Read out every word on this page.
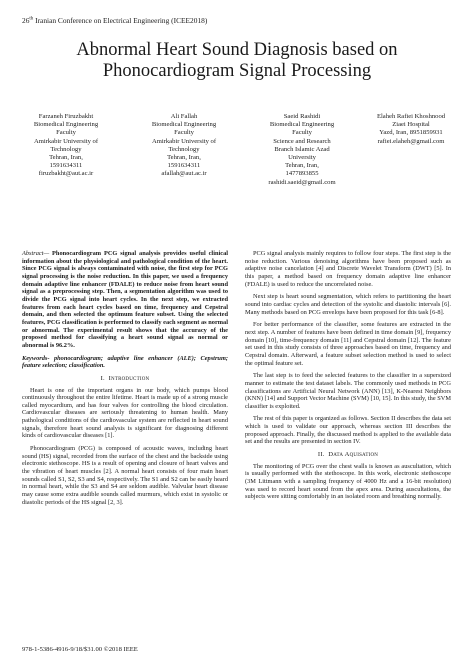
26th Iranian Conference on Electrical Engineering (ICEE2018)
Abnormal Heart Sound Diagnosis based on
Phonocardiogram Signal Processing
Farzaneh Firuzbakht
Biomedical Engineering
Faculty
Amirkabir University of
Technology
Tehran, Iran,
1591634311
firuzbakht@aut.ac.ir
Ali Fallah
Biomedical Engineering
Faculty
Amirkabir University of
Technology
Tehran, Iran,
1591634311
afallah@aut.ac.ir
Saeid Rashidi
Biomedical Engineering
Faculty
Science and Research
Branch Islamic Azad
University
Tehran, Iran,
1477893855
rashidi.saeid@gmail.com
Elaheh Rafiei Khoshnood
Ziaei Hospital
Yazd, Iran, 8951859931
rafiei.elaheh@gmail.com

Abstract— Phonocardiogram PCG signal analysis provides useful clinical information about the physiological and pathological condition of the heart. Since PCG signal is always contaminated with noise, the first step for PCG signal processing is the noise reduction. In this paper, we used a frequency domain adaptive line enhancer (FDALE) to reduce noise from heart sound signal as a preprocessing step. Then, a segmentation algorithm was used to divide the PCG signal into heart cycles. In the next step, we extracted features from each heart cycles based on time, frequency and Cepstral domain, and then selected the optimum feature subset. Using the selected features, PCG classification is performed to classify each segment as normal or abnormal. The experimental result shows that the accuracy of the proposed method for classifying a heart sound signal as normal or abnormal is 96.2%.

Keywords- phonocardiogram; adaptive line enhancer (ALE); Cepstrum; feature selection; classification.

I. Introduction

Heart is one of the important organs in our body, which pumps blood continuously throughout the entire lifetime. Heart is made up of a strong muscle called myocardium, and has four valves for controlling the blood circulation. Cardiovascular diseases are seriously threatening to human health. Many pathological conditions of the cardiovascular system are reflected in heart sound signals, therefore heart sound analysis is significant for diagnosing different kinds of cardiovascular diseases [1].

Phonocardiogram (PCG) is composed of acoustic waves, including heart sound (HS) signal, recorded from the surface of the chest and the backside using electronic stethoscope. HS is a result of opening and closure of heart valves and the vibration of heart muscles [2]. A normal heart consists of four main heart sounds called S1, S2, S3 and S4, respectively. The S1 and S2 can be easily heard in normal heart, while the S3 and S4 are seldom audible. Valvular heart disease may cause some extra audible sounds called murmurs, which exist in systolic or diastolic periods of the HS signal [2, 3].

PCG signal analysis mainly requires to follow four steps. The first step is the noise reduction. Various denoising algorithms have been proposed such as adaptive noise cancelation [4] and Discrete Wavelet Transform (DWT) [5]. In this paper, a method based on frequency domain adaptive line enhancer (FDALE) is used to reduce the uncorrelated noise.

Next step is heart sound segmentation, which refers to partitioning the heart sound into cardiac cycles and detection of the systolic and diastolic intervals [6]. Many methods based on PCG envelops have been proposed for this task [6-8].

For better performance of the classifier, some features are extracted in the next step. A number of features have been defined in time domain [9], frequency domain [10], time-frequency domain [11] and Cepstral domain [12]. The feature set used in this study consists of three approaches based on time, frequency and Cepstral domain. Afterward, a feature subset selection method is used to select the optimal feature set.

The last step is to feed the selected features to the classifier in a supersized manner to estimate the test dataset labels. The commonly used methods in PCG classifications are Artificial Neural Network (ANN) [13], K-Nearest Neighbors (KNN) [14] and Support Vector Machine (SVM) [10, 15]. In this study, the SVM classifier is exploited.

The rest of this paper is organized as follows. Section II describes the data set which is used to validate our approach, whereas section III describes the proposed approach. Finally, the discussed method is applied to the available data set and the results are presented in section IV.

II. Data Aquisation

The monitoring of PCG over the chest walls is known as auscultation, which is usually performed with the stethoscope. In this work, electronic stethoscope (3M Littmann with a sampling frequency of 4000 Hz and a 16-bit resolution) was used to record heart sound from the apex area. During auscultations, the subjects were sitting comfortably in an isolated room and breathing normally.

978-1-5386-4916-9/18/$31.00 ©2018 IEEE
